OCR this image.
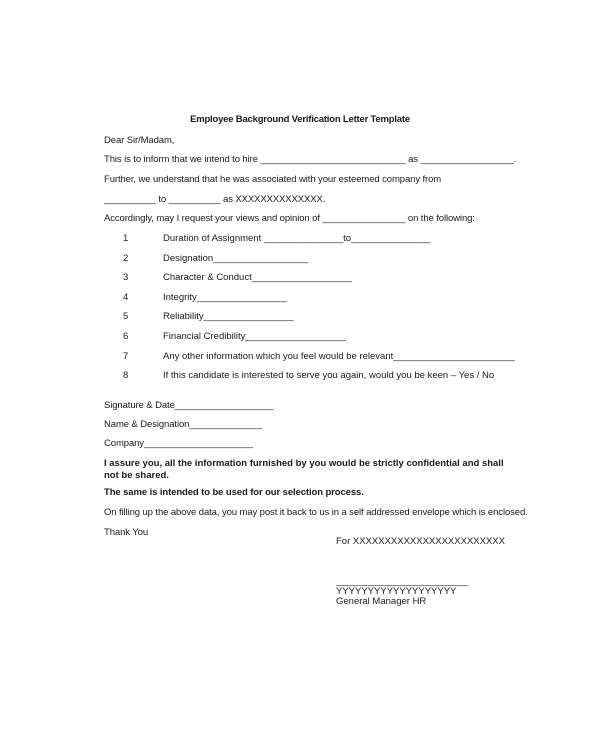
Employee Background Verification Letter Template
Dear Sir/Madam,
This is to inform that we intend to hire ____________________________ as __________________.
Further, we understand that he was associated with your esteemed company from
__________ to __________ as XXXXXXXXXXXXXX.
Accordingly, may I request your views and opinion of ________________ on the following:
1	Duration of Assignment _______________to_______________
2	Designation__________________
3	Character & Conduct___________________
4	Integrity_________________
5	Reliability_________________
6	Financial Credibility___________________
7	Any other information which you feel would be relevant_______________________
8	If this candidate is interested to serve you again, would you be keen – Yes / No
Signature & Date___________________
Name & Designation______________
Company_____________________
I assure you, all the information furnished by you would be strictly confidential and shall not be shared.
The same is intended to be used for our selection process.
On filling up the above data, you may post it back to us in a self addressed envelope which is enclosed.
Thank You
For XXXXXXXXXXXXXXXXXXXXXXXX
_________________________
YYYYYYYYYYYYYYYYYYY
General Manager HR
